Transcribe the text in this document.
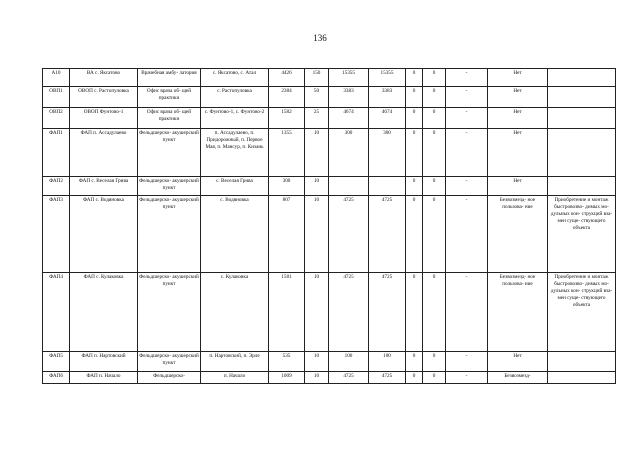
136
А10	ВА с. Яксатово	Врачебная амбу- латория	с. Яксатово, с. Атал	4426	150	15355	15355	0	0	-	Нет	
ОВП1	ОВОП с. Растопуловка	Офис врача об- щей практики	с. Растопуловка	2384	50	3383	3383	0	0	-	Нет	
ОВП2	ОВОП Фунтово-1	Офис врача об- щей практики	с. Фунтово-1, с. Фунтово-2	1582	25	4674	4674	0	0	-	Нет	
ФАП1	ФАП п. Ассадулаево	Фельдшерско- акушерский пункт	п. Ассадулаево, п. Придорожный, п. Первое Мая, п. Мансур, п. Кизань	1355	10	300	300	0	0	-	Нет	
ФАП2	ФАП с. Веселая Грива	Фельдшерско- акушерский пункт	с. Веселая Грива	300	10			0	0	-	Нет	
ФАП3	ФАП с. Водяновка	Фельдшерско- акушерский пункт	с. Водяновка	807	10	4725	4725	0	0	-	Безвозмезд- ное пользова- ние	Приобретение и монтаж быстровозво- димых мо- дульных кон- струкций вза- мен суще- ствующего объекта
ФАП4	ФАП с. Кулаковка	Фельдшерско- акушерский пункт	с. Кулаковка	1581	10	4725	4725	0	0	-	Безвозмезд- ное пользова- ние	Приобретение и монтаж быстровозво- димых мо- дульных кон- струкций вза- мен суще- ствующего объекта
ФАП5	ФАП п. Нартовский	Фельдшерско- акушерский пункт	п. Нартовский, п. Эрле	535	10	100	100	0	0	-	Нет	
ФАП6	ФАП п. Начало	Фельдшерско-	п. Начало	1009	10	4725	4725	0	0	-	Безвозмезд-	
